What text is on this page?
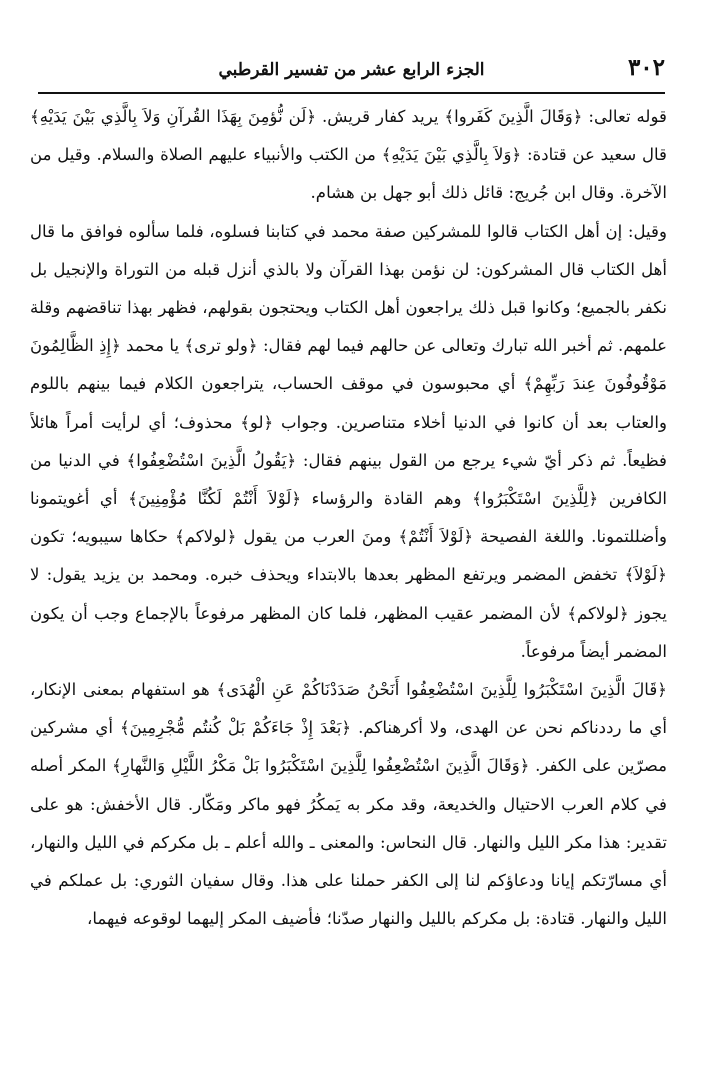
٣٠٢
الجزء الرابع عشر من تفسير القرطبي

قوله تعالى: ﴿وَقَالَ الَّذِينَ كَفَروا﴾ يريد كفار قريش. ﴿لَن نُّؤمِنَ بِهَذَا القُرآنِ وَلاَ بِالَّذِي بَيْنَ يَدَيْهِ﴾ قال سعيد عن قتادة: ﴿وَلاَ بِالَّذِي بَيْنَ يَدَيْهِ﴾ من الكتب والأنبياء عليهم الصلاة والسلام. وقيل من الآخرة. وقال ابن جُريج: قائل ذلك أبو جهل بن هشام.

وقيل: إن أهل الكتاب قالوا للمشركين صفة محمد في كتابنا فسلوه، فلما سألوه فوافق ما قال أهل الكتاب قال المشركون: لن نؤمن بهذا القرآن ولا بالذي أنزل قبله من التوراة والإنجيل بل نكفر بالجميع؛ وكانوا قبل ذلك يراجعون أهل الكتاب ويحتجون بقولهم، فظهر بهذا تناقضهم وقلة علمهم. ثم أخبر الله تبارك وتعالى عن حالهم فيما لهم فقال: ﴿ولو ترى﴾ يا محمد ﴿إِذِ الظَّالِمُونَ مَوْقُوفُونَ عِندَ رَبِّهِمْ﴾ أي محبوسون في موقف الحساب، يتراجعون الكلام فيما بينهم باللوم والعتاب بعد أن كانوا في الدنيا أخلاء متناصرين. وجواب ﴿لو﴾ محذوف؛ أي لرأيت أمراً هائلاً فظيعاً. ثم ذكر أيّ شيء يرجع من القول بينهم فقال: ﴿يَقُولُ الَّذِينَ اسْتُضْعِفُوا﴾ في الدنيا من الكافرين ﴿لِلَّذِينَ اسْتَكْبَرُوا﴾ وهم القادة والرؤساء ﴿لَوْلاَ أَنْتُمْ لَكُنَّا مُؤْمِنِينَ﴾ أي أغويتمونا وأضللتمونا. واللغة الفصيحة ﴿لَوْلاَ أَنْتُمْ﴾ ومنَ العرب من يقول ﴿لولاكم﴾ حكاها سيبويه؛ تكون ﴿لَوْلاَ﴾ تخفض المضمر ويرتفع المظهر بعدها بالابتداء ويحذف خبره. ومحمد بن يزيد يقول: لا يجوز ﴿لولاكم﴾ لأن المضمر عقيب المظهر، فلما كان المظهر مرفوعاً بالإجماع وجب أن يكون المضمر أيضاً مرفوعاً.

﴿قَالَ الَّذِينَ اسْتَكْبَرُوا لِلَّذِينَ اسْتُضْعِفُوا أَنَحْنُ صَدَدْنَاكُمْ عَنِ الْهُدَى﴾ هو استفهام بمعنى الإنكار، أي ما رددناكم نحن عن الهدى، ولا أكرهناكم. ﴿بَعْدَ إِذْ جَاءَكُمْ بَلْ كُنتُم مُّجْرِمِينَ﴾ أي مشركين مصرّين على الكفر. ﴿وَقَالَ الَّذِينَ اسْتُضْعِفُوا لِلَّذِينَ اسْتَكْبَرُوا بَلْ مَكْرُ اللَّيْلِ وَالنَّهارِ﴾ المكر أصله في كلام العرب الاحتيال والخديعة، وقد مكر به يَمكُرُ فهو ماكر ومَكّار. قال الأخفش: هو على تقدير: هذا مكر الليل والنهار. قال النحاس: والمعنى ـ والله أعلم ـ بل مكركم في الليل والنهار، أي مسارّتكم إيانا ودعاؤكم لنا إلى الكفر حملنا على هذا. وقال سفيان الثوري: بل عملكم في الليل والنهار. قتادة: بل مكركم بالليل والنهار صدّنا؛ فأضيف المكر إليهما لوقوعه فيهما،
